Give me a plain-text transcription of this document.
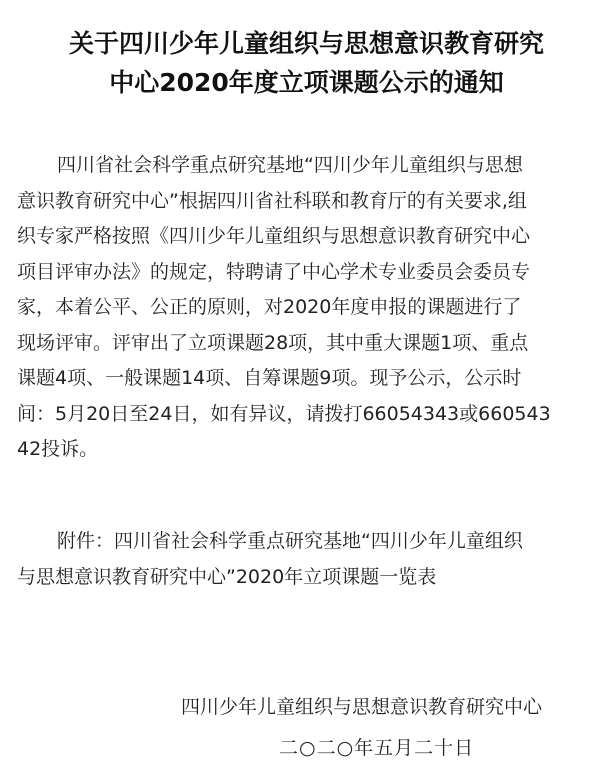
关于四川少年儿童组织与思想意识教育研究
中心2020年度立项课题公示的通知
四川省社会科学重点研究基地“四川少年儿童组织与思想
意识教育研究中心”根据四川省社科联和教育厅的有关要求,组
织专家严格按照《四川少年儿童组织与思想意识教育研究中心
项目评审办法》的规定，特聘请了中心学术专业委员会委员专
家，本着公平、公正的原则，对2020年度申报的课题进行了
现场评审。评审出了立项课题28项，其中重大课题1项、重点
课题4项、一般课题14项、自筹课题9项。现予公示，公示时
间：5月20日至24日，如有异议，请拨打66054343或660543
42投诉。
附件：四川省社会科学重点研究基地“四川少年儿童组织
与思想意识教育研究中心”2020年立项课题一览表
四川少年儿童组织与思想意识教育研究中心
二○二○年五月二十日
